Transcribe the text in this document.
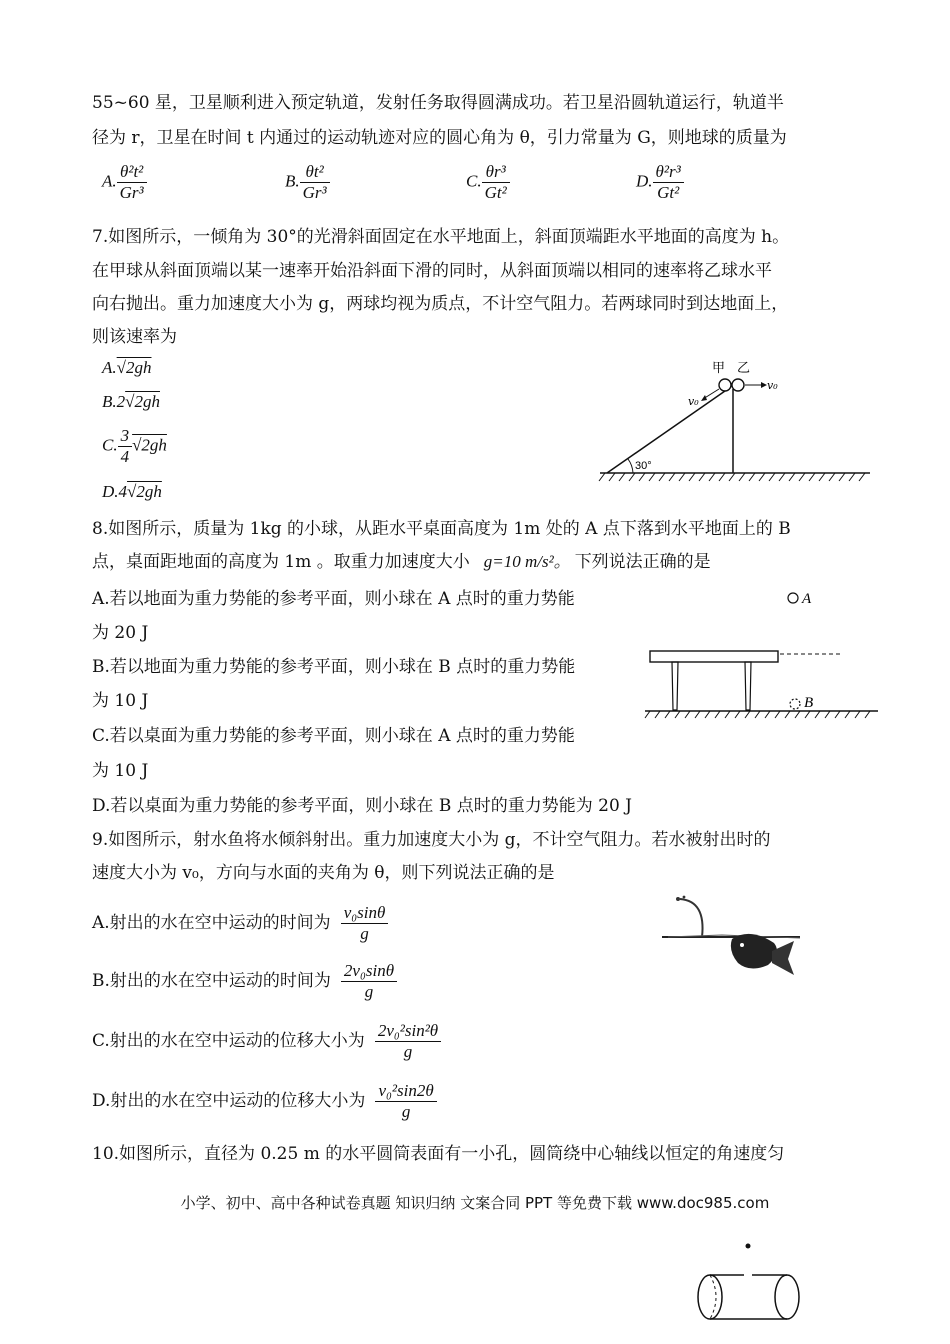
55~60 星，卫星顺利进入预定轨道，发射任务取得圆满成功。若卫星沿圆轨道运行，轨道半
径为 r，卫星在时间 t 内通过的运动轨迹对应的圆心角为 θ，引力常量为 G，则地球的质量为
A. $\frac{\text{θ²t²}}{\text{Gr³}}$	B. $\frac{\text{θt²}}{\text{Gr³}}$	C. $\frac{\text{θr³}}{\text{Gt²}}$	D. $\frac{\text{θ²r³}}{\text{Gt²}}$
7.如图所示，一倾角为 30°的光滑斜面固定在水平地面上，斜面顶端距水平地面的高度为 h。
在甲球从斜面顶端以某一速率开始沿斜面下滑的同时，从斜面顶端以相同的速率将乙球水平
向右抛出。重力加速度大小为 g，两球均视为质点，不计空气阻力。若两球同时到达地面上，
则该速率为
A.√2gh
B.2√2gh
C. $\frac{3}{4} √2gh$
D.4√2gh
30°
甲 乙
v₀
v₀
8.如图所示，质量为 1kg 的小球，从距水平桌面高度为 1m 处的 A 点下落到水平地面上的 B
点，桌面距地面的高度为 1m 。取重力加速度大小 g=10 m/s²。 下列说法正确的是
A.若以地面为重力势能的参考平面，则小球在 A 点时的重力势能
为 20 J
B.若以地面为重力势能的参考平面，则小球在 B 点时的重力势能
为 10 J
C.若以桌面为重力势能的参考平面，则小球在 A 点时的重力势能
为 10 J
D.若以桌面为重力势能的参考平面，则小球在 B 点时的重力势能为 20 J
A
B
9.如图所示，射水鱼将水倾斜射出。重力加速度大小为 g，不计空气阻力。若水被射出时的
速度大小为 v₀，方向与水面的夹角为 θ，则下列说法正确的是
A.射出的水在空中运动的时间为 $\frac{\text{v₀sinθ}}{g}$
B.射出的水在空中运动的时间为 $\frac{\text{2v₀sinθ}}{g}$
C.射出的水在空中运动的位移大小为 $\frac{\text{2v₀²sin²θ}}{g}$
D.射出的水在空中运动的位移大小为 $\frac{\text{v₀²sin2θ}}{g}$
10.如图所示，直径为 0.25 m 的水平圆筒表面有一小孔，圆筒绕中心轴线以恒定的角速度匀
小学、初中、高中各种试卷真题 知识归纳 文案合同 PPT 等免费下载 www.doc985.com
